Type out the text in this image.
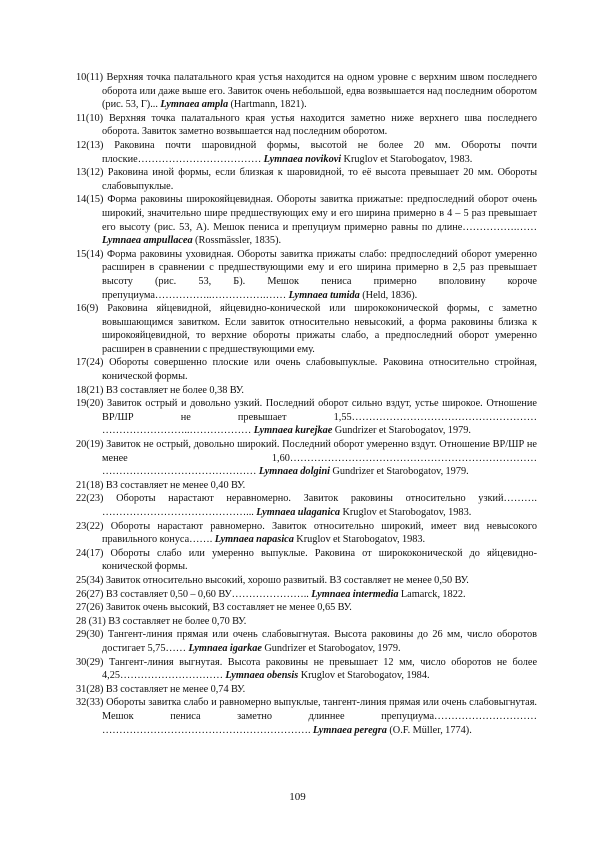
10(11) Верхняя точка палатального края устья находится на одном уровне с верхним швом последнего оборота или даже выше его. Завиток очень небольшой, едва возвышается над последним оборотом (рис. 53, Г)... Lymnaea ampla (Hartmann, 1821).
11(10) Верхняя точка палатального края устья находится заметно ниже верхнего шва последнего оборота. Завиток заметно возвышается над последним оборотом.
12(13) Раковина почти шаровидной формы, высотой не более 20 мм. Обороты почти плоские……………………………… Lymnaea novikovi Kruglov et Starobogatov, 1983.
13(12) Раковина иной формы, если близкая к шаровидной, то её высота превышает 20 мм. Обороты слабовыпуклые.
14(15) Форма раковины широкояйцевидная. Обороты завитка прижатые: предпоследний оборот очень широкий, значительно шире предшествующих ему и его ширина примерно в 4 – 5 раз превышает его высоту (рис. 53, А). Мешок пениса и препуциум примерно равны по длине…………….…… Lymnaea ampullacea (Rossmässler, 1835).
15(14) Форма раковины уховидная. Обороты завитка прижаты слабо: предпоследний оборот умеренно расширен в сравнении с предшествующими ему и его ширина примерно в 2,5 раз превышает высоту (рис. 53, Б). Мешок пениса примерно вполовину короче препуциума……………..…………….…… Lymnaea tumida (Held, 1836).
16(9) Раковина яйцевидной, яйцевидно-конической или ширококонической формы, с заметно вовышающимся завитком. Если завиток относительно невысокий, а форма раковины близка к широкояйцевидной, то верхние обороты прижаты слабо, а предпоследний оборот умеренно расширен в сравнении с предшествующими ему.
17(24) Обороты совершенно плоские или очень слабовыпуклые. Раковина относительно стройная, конической формы.
18(21) ВЗ составляет не более 0,38 ВУ.
19(20) Завиток острый и довольно узкий. Последний оборот сильно вздут, устье широкое. Отношение ВР/ШР не превышает 1,55……………………………………………… ……………………..……………… Lymnaea kurejkae Gundrizer et Starobogatov, 1979.
20(19) Завиток не острый, довольно широкий. Последний оборот умеренно вздут. Отношение ВР/ШР не менее 1,60……………………………………………………………… ……………………………………… Lymnaea dolgini Gundrizer et Starobogatov, 1979.
21(18) ВЗ составляет не менее 0,40 ВУ.
22(23) Обороты нарастают неравномерно. Завиток раковины относительно узкий………. ……………………………………... Lymnaea ulaganica Kruglov et Starobogatov, 1983.
23(22) Обороты нарастают равномерно. Завиток относительно широкий, имеет вид невысокого правильного конуса……. Lymnaea napasica Kruglov et Starobogatov, 1983.
24(17) Обороты слабо или умеренно выпуклые. Раковина от ширококонической до яйцевидно-конической формы.
25(34) Завиток относительно высокий, хорошо развитый. ВЗ составляет не менее 0,50 ВУ.
26(27) ВЗ составляет 0,50 – 0,60 ВУ………………….. Lymnaea intermedia Lamarck, 1822.
27(26) Завиток очень высокий, ВЗ составляет не менее 0,65 ВУ.
28 (31) ВЗ составляет не более 0,70 ВУ.
29(30) Тангент-линия прямая или очень слабовыгнутая. Высота раковины до 26 мм, число оборотов достигает 5,75…… Lymnaea igarkae Gundrizer et Starobogatov, 1979.
30(29) Тангент-линия выгнутая. Высота раковины не превышает 12 мм, число оборотов не более 4,25………………………… Lymnaea obensis Kruglov et Starobogatov, 1984.
31(28) ВЗ составляет не менее 0,74 ВУ.
32(33) Обороты завитка слабо и равномерно выпуклые, тангент-линия прямая или очень слабовыгнутая. Мешок пениса заметно длиннее препуциума………………………… ……………………………………………………. Lymnaea peregra (O.F. Müller, 1774).
109
